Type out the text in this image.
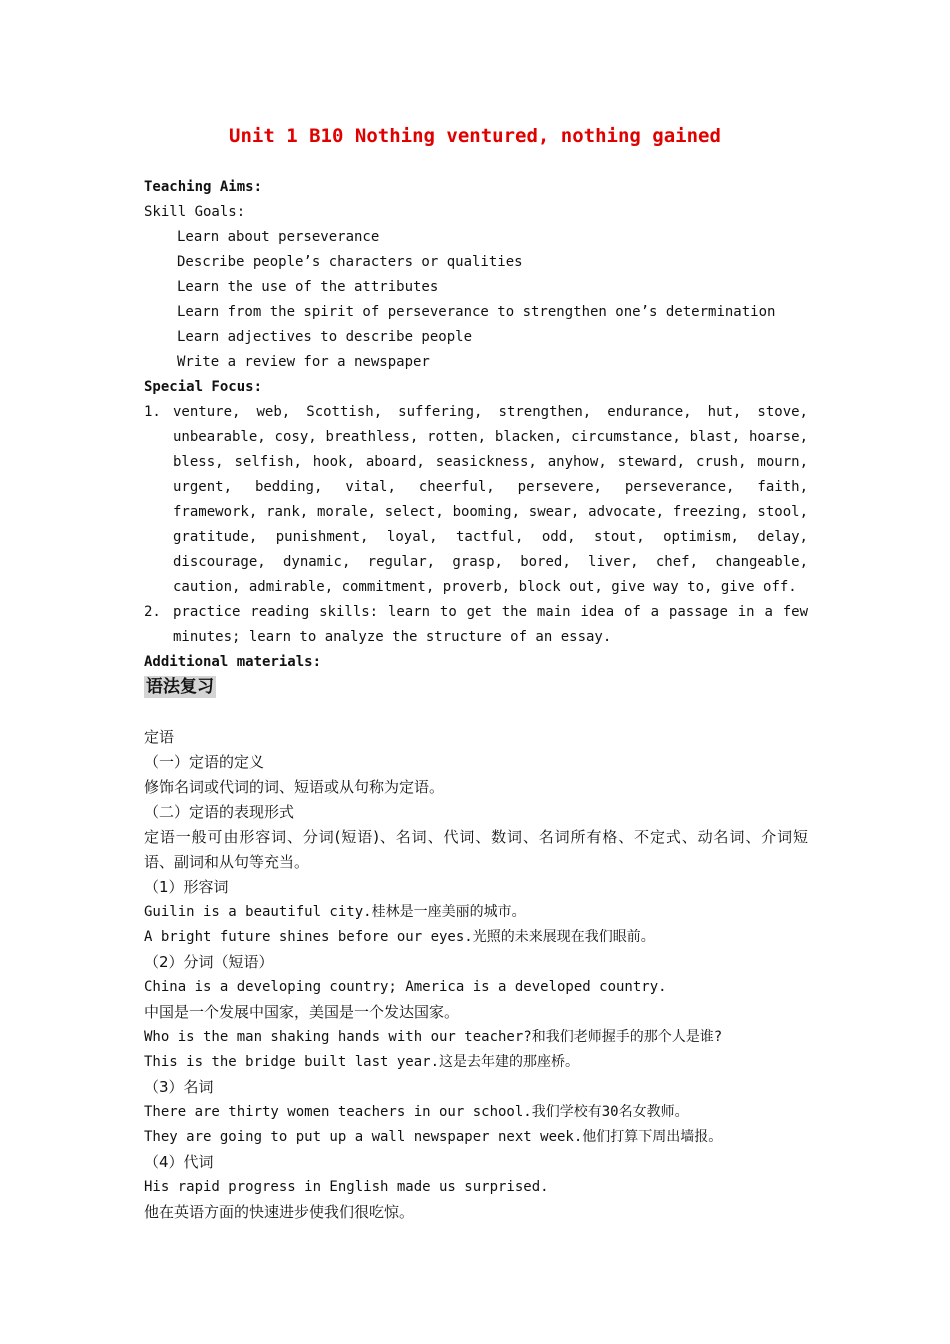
Unit 1 B10 Nothing ventured, nothing gained
Teaching Aims:
Skill Goals:
Learn about perseverance
Describe people’s characters or qualities
Learn the use of the attributes
Learn from the spirit of perseverance to strengthen one’s determination
Learn adjectives to describe people
Write a review for a newspaper
Special Focus:
1. venture, web, Scottish, suffering, strengthen, endurance, hut, stove,
unbearable, cosy, breathless, rotten, blacken, circumstance, blast, hoarse,
bless, selfish, hook, aboard, seasickness, anyhow, steward, crush, mourn,
urgent, bedding, vital, cheerful, persevere, perseverance, faith,
framework, rank, morale, select, booming, swear, advocate, freezing, stool,
gratitude, punishment, loyal, tactful, odd, stout, optimism, delay,
discourage, dynamic, regular, grasp, bored, liver, chef, changeable,
caution, admirable, commitment, proverb, block out, give way to, give off.
2. practice reading skills: learn to get the main idea of a passage in a few
minutes; learn to analyze the structure of an essay.
Additional materials:
语法复习
定语
（一）定语的定义
修饰名词或代词的词、短语或从句称为定语。
（二）定语的表现形式
定语一般可由形容词、分词(短语)、名词、代词、数词、名词所有格、不定式、动名词、介词短
语、副词和从句等充当。
（1）形容词
Guilin is a beautiful city.桂林是一座美丽的城市。
A bright future shines before our eyes.光照的未来展现在我们眼前。
（2）分词（短语）
China is a developing country; America is a developed country.
中国是一个发展中国家，美国是一个发达国家。
Who is the man shaking hands with our teacher?和我们老师握手的那个人是谁?
This is the bridge built last year.这是去年建的那座桥。
（3）名词
There are thirty women teachers in our school.我们学校有30名女教师。
They are going to put up a wall newspaper next week.他们打算下周出墙报。
（4）代词
His rapid progress in English made us surprised.
他在英语方面的快速进步使我们很吃惊。
